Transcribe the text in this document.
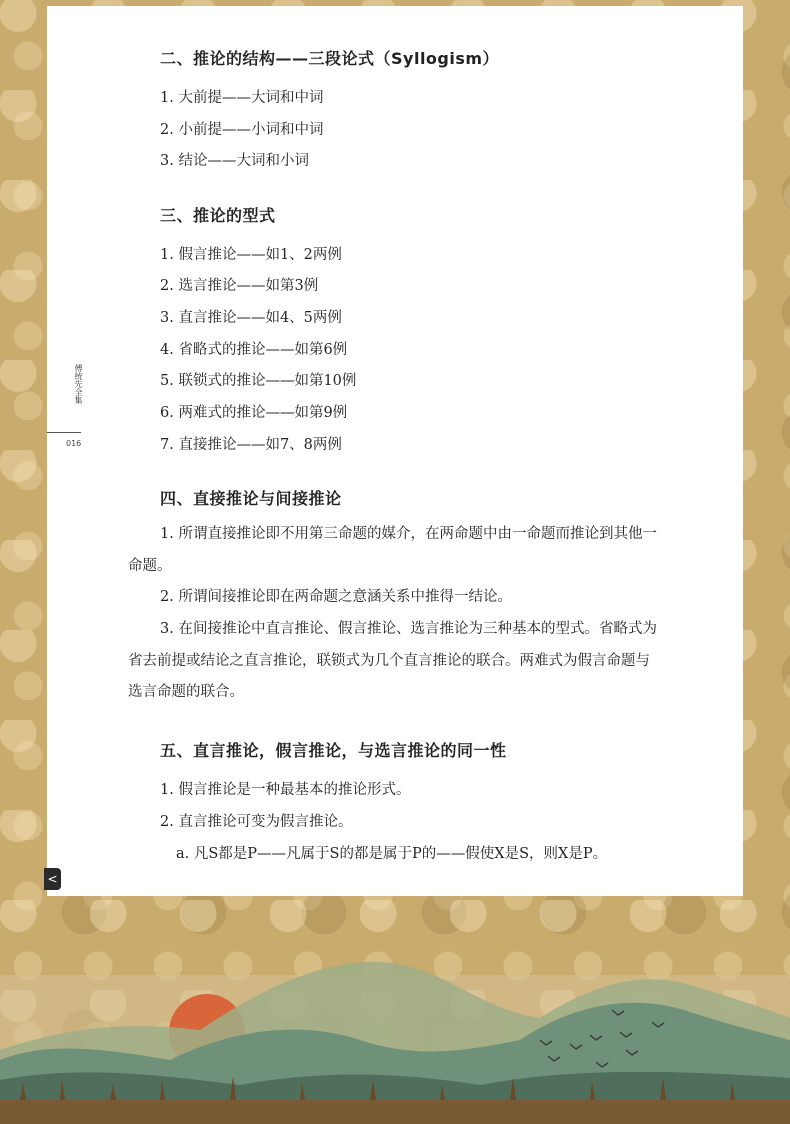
傅统先全集
016
二、推论的结构——三段论式（Syllogism）

1. 大前提——大词和中词

2. 小前提——小词和中词

3. 结论——大词和小词

三、推论的型式

1. 假言推论——如1、2两例

2. 选言推论——如第3例

3. 直言推论——如4、5两例

4. 省略式的推论——如第6例

5. 联锁式的推论——如第10例

6. 两难式的推论——如第9例

7. 直接推论——如7、8两例

四、直接推论与间接推论

1. 所谓直接推论即不用第三命题的媒介，在两命题中由一命题而推论到其他一命题。

2. 所谓间接推论即在两命题之意涵关系中推得一结论。

3. 在间接推论中直言推论、假言推论、选言推论为三种基本的型式。省略式为省去前提或结论之直言推论，联锁式为几个直言推论的联合。两难式为假言命题与选言命题的联合。

五、直言推论，假言推论，与选言推论的同一性

1. 假言推论是一种最基本的推论形式。

2. 直言推论可变为假言推论。

a. 凡S都是P——凡属于S的都是属于P的——假使X是S，则X是P。

<
